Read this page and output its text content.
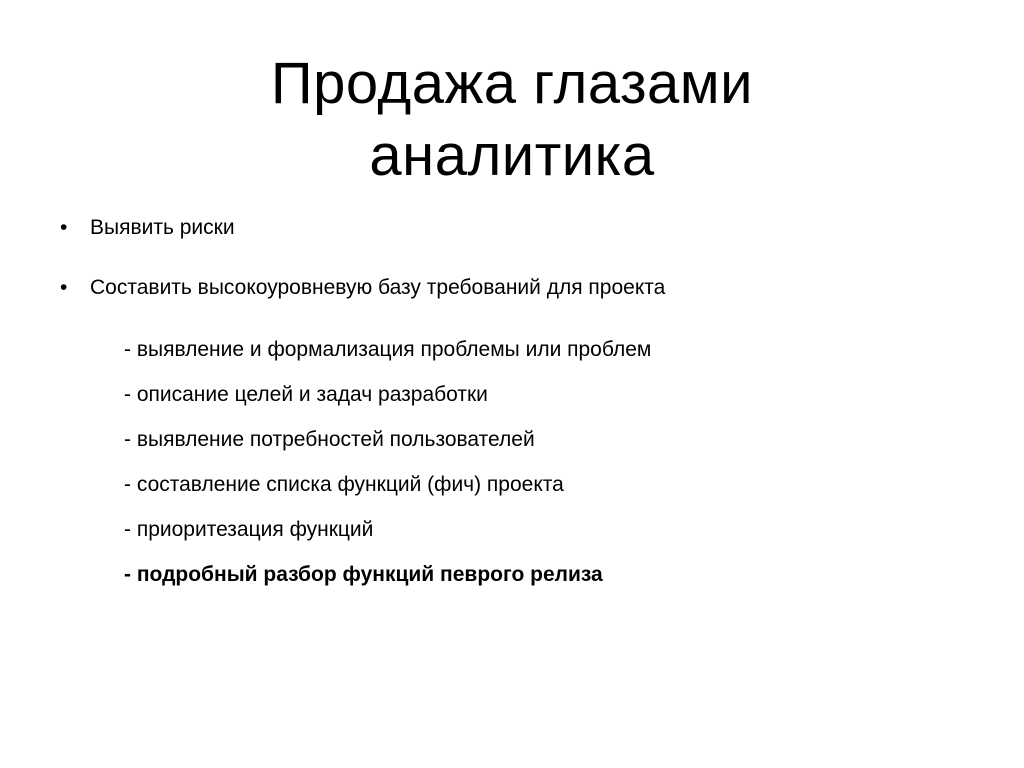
Продажа глазами
аналитика
•	Выявить риски
•	Составить высокоуровневую базу требований для проекта
- выявление и формализация проблемы или проблем
- описание целей и задач разработки
- выявление потребностей пользователей
- составление списка функций (фич) проекта
- приоритезация функций
- подробный разбор функций певрого релиза
